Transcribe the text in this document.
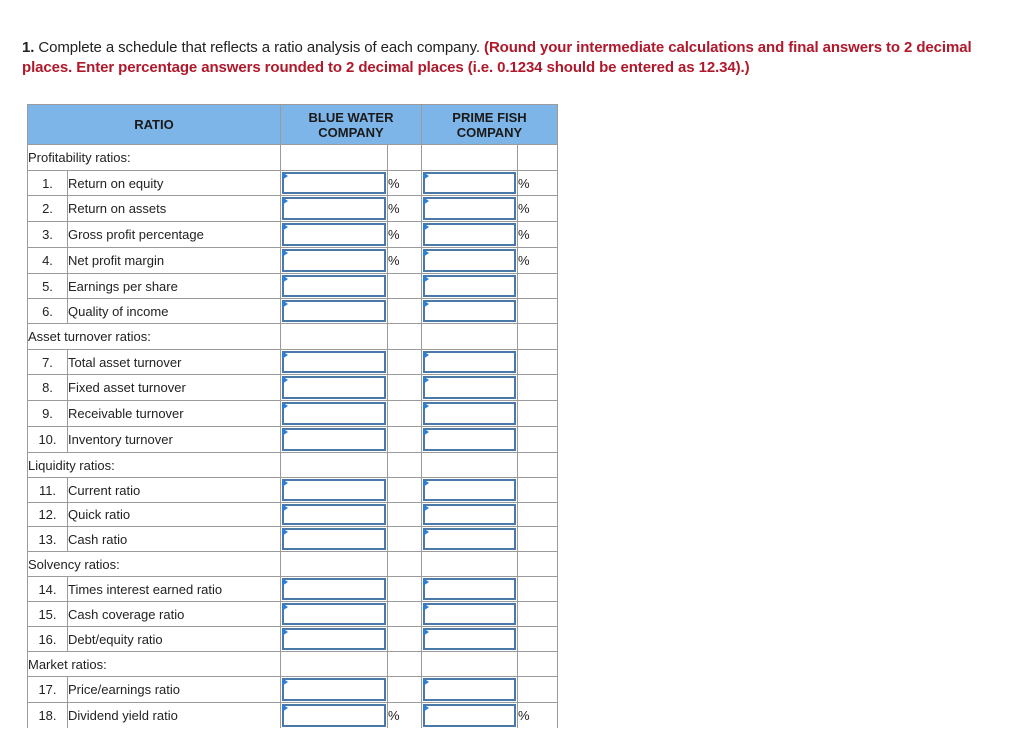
1. Complete a schedule that reflects a ratio analysis of each company. (Round your intermediate calculations and final answers to 2 decimal places. Enter percentage answers rounded to 2 decimal places (i.e. 0.1234 should be entered as 12.34).)
RATIO		BLUE WATER COMPANY		PRIME FISH COMPANY	
Profitability ratios:					
1.	Return on equity		%		%
2.	Return on assets		%		%
3.	Gross profit percentage		%		%
4.	Net profit margin		%		%
5.	Earnings per share	

6.	Quality of income	

Asset turnover ratios:					
7.	Total asset turnover	

8.	Fixed asset turnover	

9.	Receivable turnover	

10.	Inventory turnover	

Liquidity ratios:					
11.	Current ratio	

12.	Quick ratio	

13.	Cash ratio	

Solvency ratios:					
14.	Times interest earned ratio	

15.	Cash coverage ratio	

16.	Debt/equity ratio	

Market ratios:					
17.	Price/earnings ratio	

18.	Dividend yield ratio		%		%
